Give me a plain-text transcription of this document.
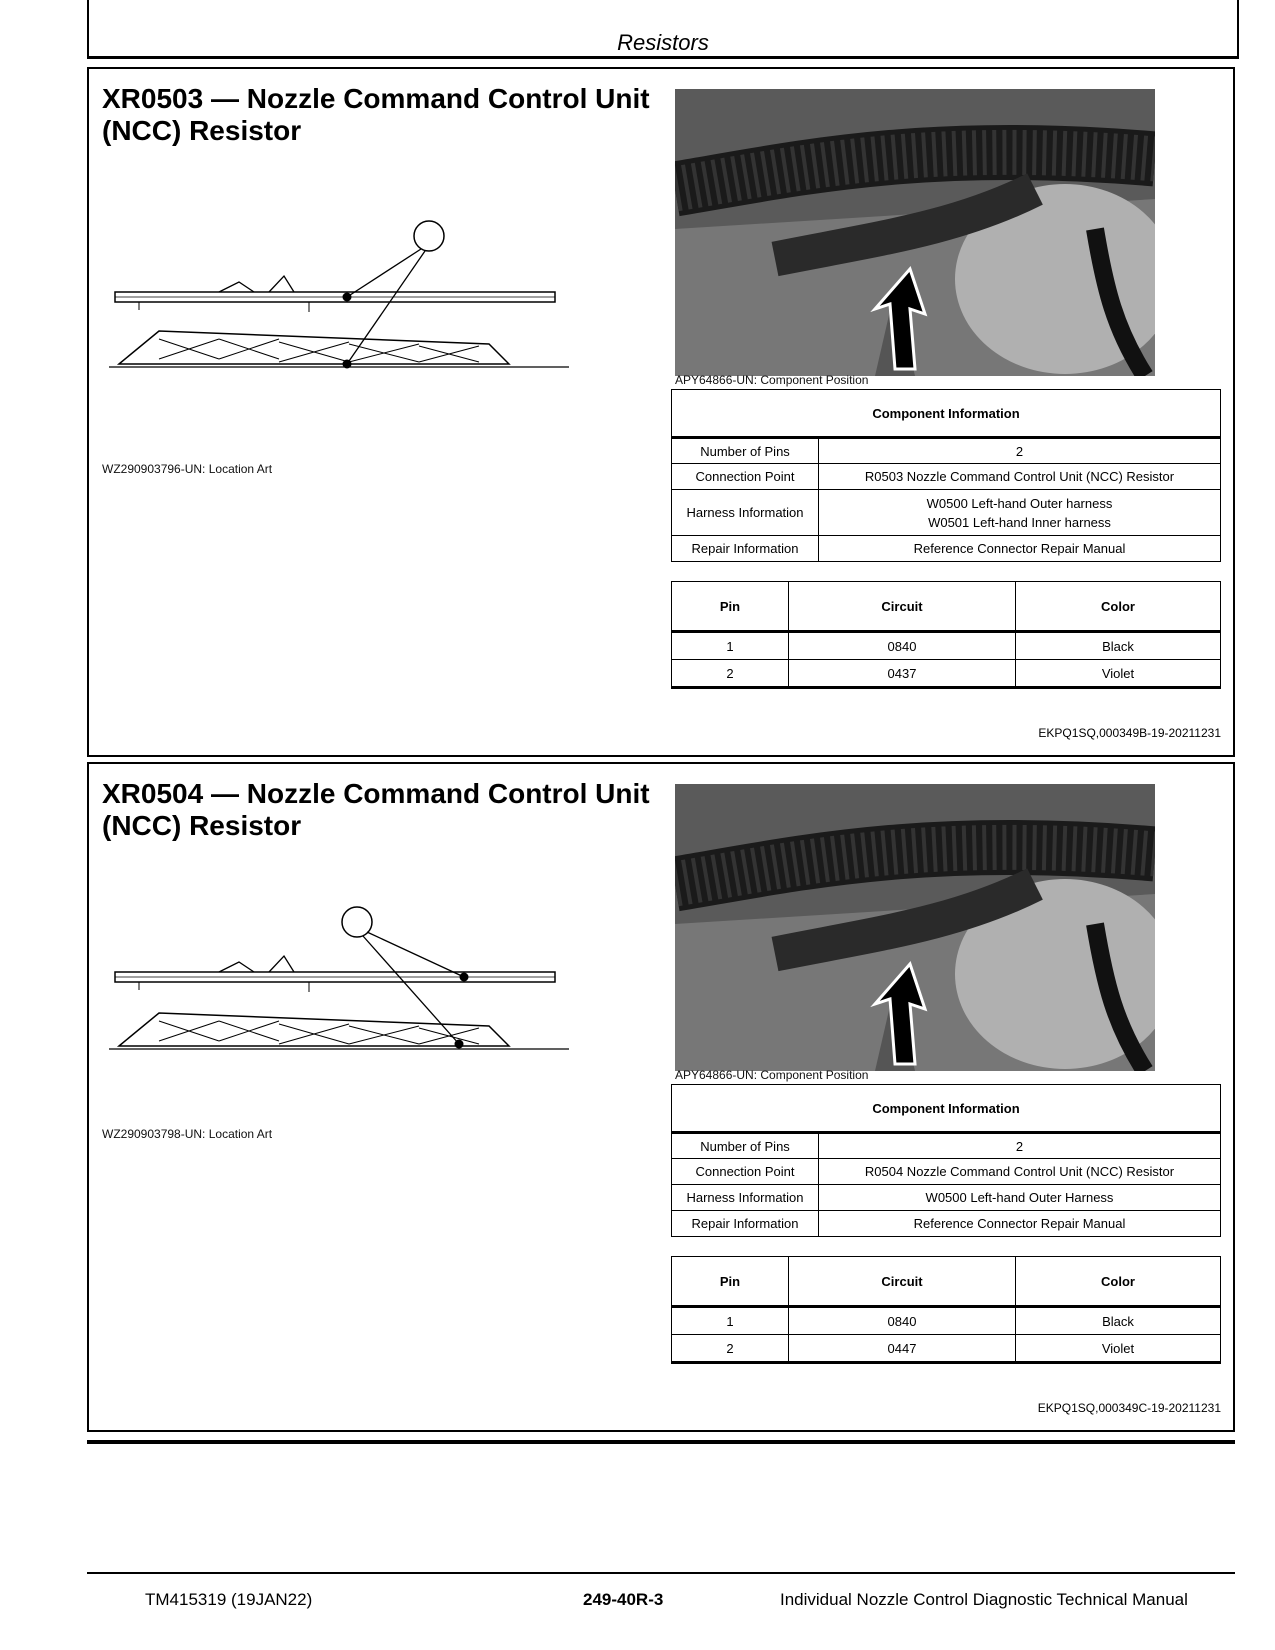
Resistors
XR0503 — Nozzle Command Control Unit (NCC) Resistor
WZ290903796-UN: Location Art
APY64866-UN: Component Position
Component Information	
Number of Pins	2
Connection Point	R0503 Nozzle Command Control Unit (NCC) Resistor
Harness Information	W0500 Left-hand Outer harness
W0501 Left-hand Inner harness

Repair Information	Reference Connector Repair Manual
Pin	Circuit	Color
1	0840	Black
2	0437	Violet
EKPQ1SQ,000349B-19-20211231
XR0504 — Nozzle Command Control Unit (NCC) Resistor
WZ290903798-UN: Location Art
APY64866-UN: Component Position
Component Information	
Number of Pins	2
Connection Point	R0504 Nozzle Command Control Unit (NCC) Resistor
Harness Information	W0500 Left-hand Outer Harness
Repair Information	Reference Connector Repair Manual
Pin	Circuit	Color
1	0840	Black
2	0447	Violet
EKPQ1SQ,000349C-19-20211231
TM415319 (19JAN22)	249-40R-3	Individual Nozzle Control Diagnostic Technical Manual
